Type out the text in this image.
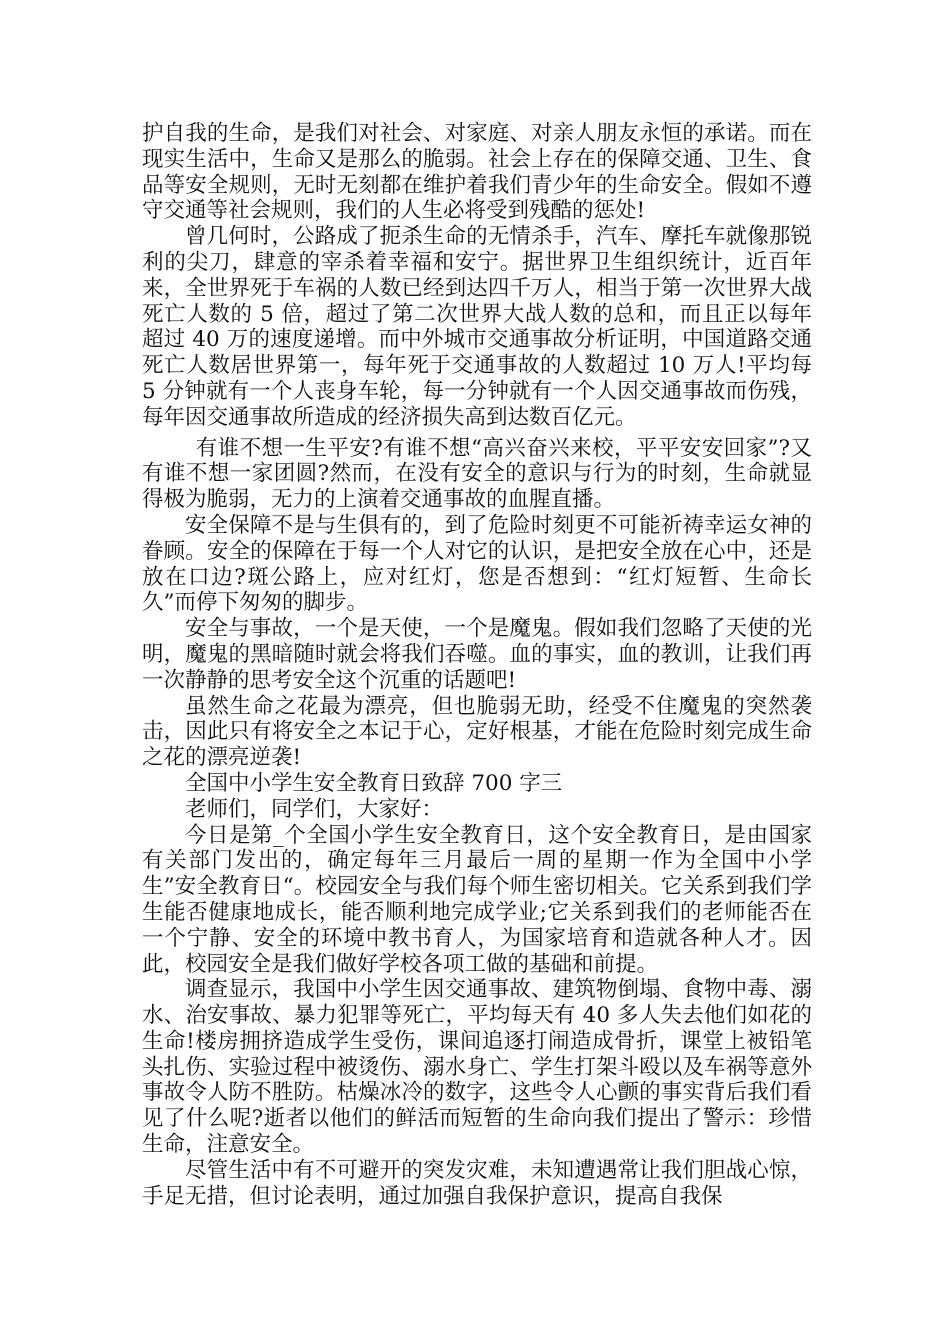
护自我的生命，是我们对社会、对家庭、对亲人朋友永恒的承诺。而在现实生活中，生命又是那么的脆弱。社会上存在的保障交通、卫生、食品等安全规则，无时无刻都在维护着我们青少年的生命安全。假如不遵守交通等社会规则，我们的人生必将受到残酷的惩处!

曾几何时，公路成了扼杀生命的无情杀手，汽车、摩托车就像那锐利的尖刀，肆意的宰杀着幸福和安宁。据世界卫生组织统计，近百年来，全世界死于车祸的人数已经到达四千万人，相当于第一次世界大战死亡人数的 5 倍，超过了第二次世界大战人数的总和，而且正以每年超过 40 万的速度递增。而中外城市交通事故分析证明，中国道路交通死亡人数居世界第一，每年死于交通事故的人数超过 10 万人!平均每 5 分钟就有一个人丧身车轮，每一分钟就有一个人因交通事故而伤残，每年因交通事故所造成的经济损失高到达数百亿元。

有谁不想一生平安?有谁不想“高兴奋兴来校，平平安安回家”?又有谁不想一家团圆?然而，在没有安全的意识与行为的时刻，生命就显得极为脆弱，无力的上演着交通事故的血腥直播。

安全保障不是与生俱有的，到了危险时刻更不可能祈祷幸运女神的眷顾。安全的保障在于每一个人对它的认识，是把安全放在心中，还是放在口边?斑公路上，应对红灯，您是否想到：“红灯短暂、生命长久”而停下匆匆的脚步。

安全与事故，一个是天使，一个是魔鬼。假如我们忽略了天使的光明，魔鬼的黑暗随时就会将我们吞噬。血的事实，血的教训，让我们再一次静静的思考安全这个沉重的话题吧!

虽然生命之花最为漂亮，但也脆弱无助，经受不住魔鬼的突然袭击，因此只有将安全之本记于心，定好根基，才能在危险时刻完成生命之花的漂亮逆袭!

全国中小学生安全教育日致辞 700 字三

老师们，同学们，大家好：

今日是第_个全国小学生安全教育日，这个安全教育日，是由国家有关部门发出的，确定每年三月最后一周的星期一作为全国中小学生”安全教育日“。校园安全与我们每个师生密切相关。它关系到我们学生能否健康地成长，能否顺利地完成学业;它关系到我们的老师能否在一个宁静、安全的环境中教书育人，为国家培育和造就各种人才。因此，校园安全是我们做好学校各项工做的基础和前提。

调查显示，我国中小学生因交通事故、建筑物倒塌、食物中毒、溺水、治安事故、暴力犯罪等死亡，平均每天有 40 多人失去他们如花的生命!楼房拥挤造成学生受伤，课间追逐打闹造成骨折，课堂上被铅笔头扎伤、实验过程中被烫伤、溺水身亡、学生打架斗殴以及车祸等意外事故令人防不胜防。枯燥冰冷的数字，这些令人心颤的事实背后我们看见了什么呢?逝者以他们的鲜活而短暂的生命向我们提出了警示：珍惜生命，注意安全。

尽管生活中有不可避开的突发灾难，未知遭遇常让我们胆战心惊，手足无措，但讨论表明，通过加强自我保护意识，提高自我保
